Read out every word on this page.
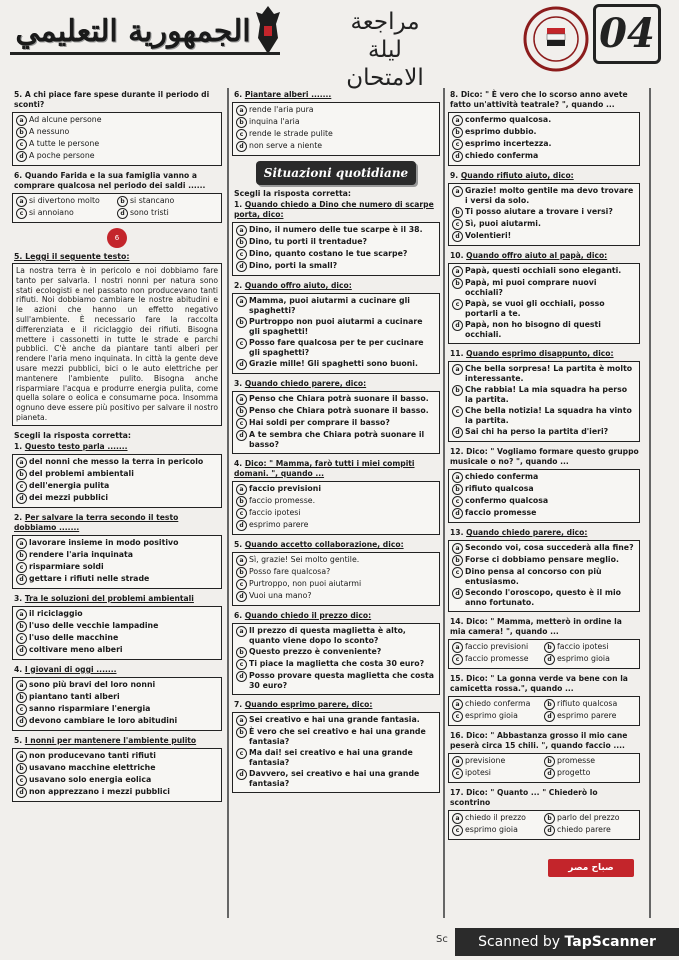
الجمهورية التعليمي	مراجعة
ليلة الامتحان
04
5. A chi piace fare spese durante il periodo di sconti?
a Ad alcune persone
b A nessuno
c A tutte le persone
d A poche persone
6. Quando Farida e la sua famiglia vanno a comprare qualcosa nel periodo dei saldi ......
a si divertono molto	b si stancano
c si annoiano	d sono tristi
6
5. Leggi il seguente testo:
La nostra terra è in pericolo e noi dobbiamo fare tanto per salvarla. I nostri nonni per natura sono stati ecologisti e nel passato non producevano tanti rifiuti. Noi dobbiamo cambiare le nostre abitudini e le azioni che hanno un effetto negativo sull'ambiente. È necessario fare la raccolta differenziata e il riciclaggio dei rifiuti. Bisogna mettere i cassonetti in tutte le strade e parchi pubblici. C'è anche da piantare tanti alberi per rendere l'aria meno inquinata. In città la gente deve usare mezzi pubblici, bici o le auto elettriche per mantenere l'ambiente pulito. Bisogna anche risparmiare l'acqua e produrre energia pulita, come quella solare o eolica e consumarne poca. Insomma ognuno deve essere più positivo per salvare il nostro pianeta.
Scegli la risposta corretta:
1. Questo testo parla .......
a del nonni che messo la terra in pericolo
b del problemi ambientali
c dell'energia pulita
d dei mezzi pubblici
2. Per salvare la terra secondo il testo dobbiamo .......
a lavorare insieme in modo positivo
b rendere l'aria inquinata
c risparmiare soldi
d gettare i rifiuti nelle strade
3. Tra le soluzioni del problemi ambientali
a il riciclaggio
b l'uso delle vecchie lampadine
c l'uso delle macchine
d coltivare meno alberi
4. I giovani di oggi .......
a sono più bravi del loro nonni
b piantano tanti alberi
c sanno risparmiare l'energia
d devono cambiare le loro abitudini
5. I nonni per mantenere l'ambiente pulito
a non producevano tanti rifiuti
b usavano macchine elettriche
c usavano solo energia eolica
d non apprezzano i mezzi pubblici
6. Piantare alberi .......
a rende l'aria pura
b inquina l'aria
c rende le strade pulite
d non serve a niente
Situazioni quotidiane
Scegli la risposta corretta:
1. Quando chiedo a Dino che numero di scarpe porta, dico:
a Dino, il numero delle tue scarpe è il 38.
b Dino, tu porti il trentadue?
c Dino, quanto costano le tue scarpe?
d Dino, porti la small?
2. Quando offro aiuto, dico:
a Mamma, puoi aiutarmi a cucinare gli spaghetti?
b Purtroppo non puoi aiutarmi a cucinare gli spaghetti!
c Posso fare qualcosa per te per cucinare gli spaghetti?
d Grazie mille! Gli spaghetti sono buoni.
3. Quando chiedo parere, dico:
a Penso che Chiara potrà suonare il basso.
b Penso che Chiara potrà suonare il basso.
c Hai soldi per comprare il basso?
d A te sembra che Chiara potrà suonare il basso?
4. Dico: " Mamma, farò tutti i miei compiti domani. ", quando ...
a faccio previsioni
b faccio promesse.
c faccio ipotesi
d esprimo parere
5. Quando accetto collaborazione, dico:
a Sì, grazie! Sei molto gentile.
b Posso fare qualcosa?
c Purtroppo, non puoi aiutarmi
d Vuoi una mano?
6. Quando chiedo il prezzo dico:
a Il prezzo di questa maglietta è alto, quanto viene dopo lo sconto?
b Questo prezzo è conveniente?
c Ti piace la maglietta che costa 30 euro?
d Posso provare questa maglietta che costa 30 euro?
7. Quando esprimo parere, dico:
a Sei creativo e hai una grande fantasia.
b È vero che sei creativo e hai una grande fantasia?
c Ma dai! sei creativo e hai una grande fantasia?
d Davvero, sei creativo e hai una grande fantasia?
8. Dico: " È vero che lo scorso anno avete fatto un'attività teatrale? ", quando ...
a confermo qualcosa.
b esprimo dubbio.
c esprimo incertezza.
d chiedo conferma
9. Quando rifiuto aiuto, dico:
a Grazie! molto gentile ma devo trovare i versi da solo.
b Ti posso aiutare a trovare i versi?
c Sì, puoi aiutarmi.
d Volentieri!
10. Quando offro aiuto al papà, dico:
a Papà, questi occhiali sono eleganti.
b Papà, mi puoi comprare nuovi occhiali?
c Papà, se vuoi gli occhiali, posso portarli a te.
d Papà, non ho bisogno di questi occhiali.
11. Quando esprimo disappunto, dico:
a Che bella sorpresa! La partita è molto interessante.
b Che rabbia! La mia squadra ha perso la partita.
c Che bella notizia! La squadra ha vinto la partita.
d Sai chi ha perso la partita d'ieri?
12. Dico: " Vogliamo formare questo gruppo musicale o no? ", quando ...
a chiedo conferma
b rifiuto qualcosa
c confermo qualcosa
d faccio promesse
13. Quando chiedo parere, dico:
a Secondo voi, cosa succederà alla fine?
b Forse ci dobbiamo pensare meglio.
c Dino pensa al concorso con più entusiasmo.
d Secondo l'oroscopo, questo è il mio anno fortunato.
14. Dico: " Mamma, metterò in ordine la mia camera! ", quando ...
a faccio previsioni	b faccio ipotesi
c faccio promesse	d esprimo gioia
15. Dico: " La gonna verde va bene con la camicetta rossa.", quando ...
a chiedo conferma	b rifiuto qualcosa
c esprimo gioia	d esprimo parere
16. Dico: " Abbastanza grosso il mio cane peserà circa 15 chili. ", quando faccio ....
a previsione	b promesse
c ipotesi	d progetto
17. Dico: " Quanto ... " Chiederò lo scontrino
a chiedo il prezzo	b parlo del prezzo
c esprimo gioia	d chiedo parere
صباح مصر
Sc	Scanned by TapScanner
